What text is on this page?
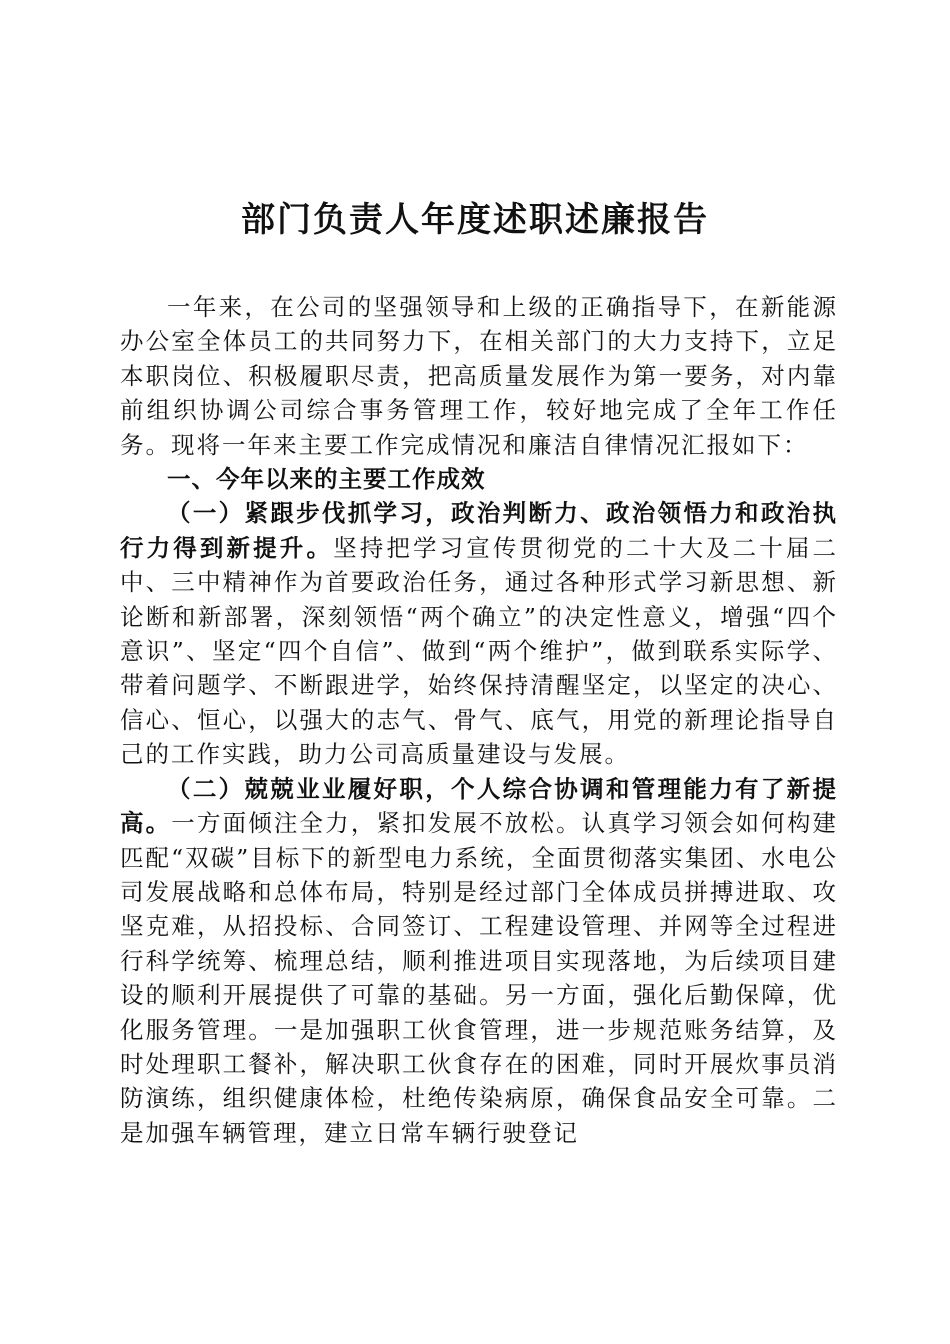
部门负责人年度述职述廉报告

一年来，在公司的坚强领导和上级的正确指导下，在新能源办公室全体员工的共同努力下，在相关部门的大力支持下，立足本职岗位、积极履职尽责，把高质量发展作为第一要务，对内靠前组织协调公司综合事务管理工作，较好地完成了全年工作任务。现将一年来主要工作完成情况和廉洁自律情况汇报如下：

一、今年以来的主要工作成效

（一）紧跟步伐抓学习，政治判断力、政治领悟力和政治执行力得到新提升。坚持把学习宣传贯彻党的二十大及二十届二中、三中精神作为首要政治任务，通过各种形式学习新思想、新论断和新部署，深刻领悟“两个确立”的决定性意义，增强“四个意识”、坚定“四个自信”、做到“两个维护”，做到联系实际学、带着问题学、不断跟进学，始终保持清醒坚定，以坚定的决心、信心、恒心，以强大的志气、骨气、底气，用党的新理论指导自己的工作实践，助力公司高质量建设与发展。

（二）兢兢业业履好职，个人综合协调和管理能力有了新提高。一方面倾注全力，紧扣发展不放松。认真学习领会如何构建匹配“双碳”目标下的新型电力系统，全面贯彻落实集团、水电公司发展战略和总体布局，特别是经过部门全体成员拼搏进取、攻坚克难，从招投标、合同签订、工程建设管理、并网等全过程进行科学统筹、梳理总结，顺利推进项目实现落地，为后续项目建设的顺利开展提供了可靠的基础。另一方面，强化后勤保障，优化服务管理。一是加强职工伙食管理，进一步规范账务结算，及时处理职工餐补，解决职工伙食存在的困难，同时开展炊事员消防演练，组织健康体检，杜绝传染病原，确保食品安全可靠。二是加强车辆管理，建立日常车辆行驶登记
